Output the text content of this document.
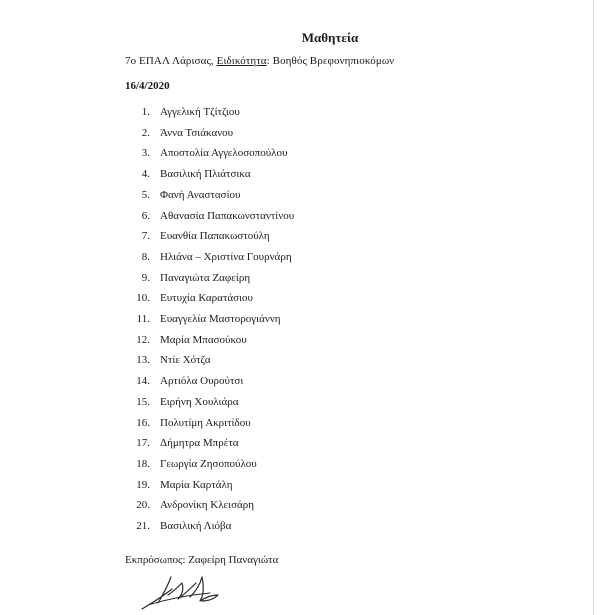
Μαθητεία
7ο ΕΠΑΛ Λάρισας, Ειδικότητα: Βοηθός Βρεφονηπιοκόμων
16/4/2020
1. Αγγελική Τζίτζιου
2. Άννα Τσιάκανου
3. Αποστολία Αγγελοσοπούλου
4. Βασιλική Πλιάτσικα
5. Φανή Αναστασίου
6. Αθανασία Παπακωνσταντίνου
7. Ευανθία Παπακωστούλη
8. Ηλιάνα – Χριστίνα Γουρνάρη
9. Παναγιώτα Ζαφείρη
10. Ευτυχία Καρατάσιου
11. Ευαγγελία Μαστορογιάννη
12. Μαρία Μπασούκου
13. Ντίε Χότζα
14. Αρτιόλα Ουρούτσι
15. Ειρήνη Χουλιάρα
16. Πολυτίμη Ακριτίδου
17. Δήμητρα Μπρέτα
18. Γεωργία Ζησοπούλου
19. Μαρία Καρτάλη
20. Ανδρονίκη Κλεισάρη
21. Βασιλική Λιόβα
Εκπρόσωπος: Ζαφείρη Παναγιώτα
